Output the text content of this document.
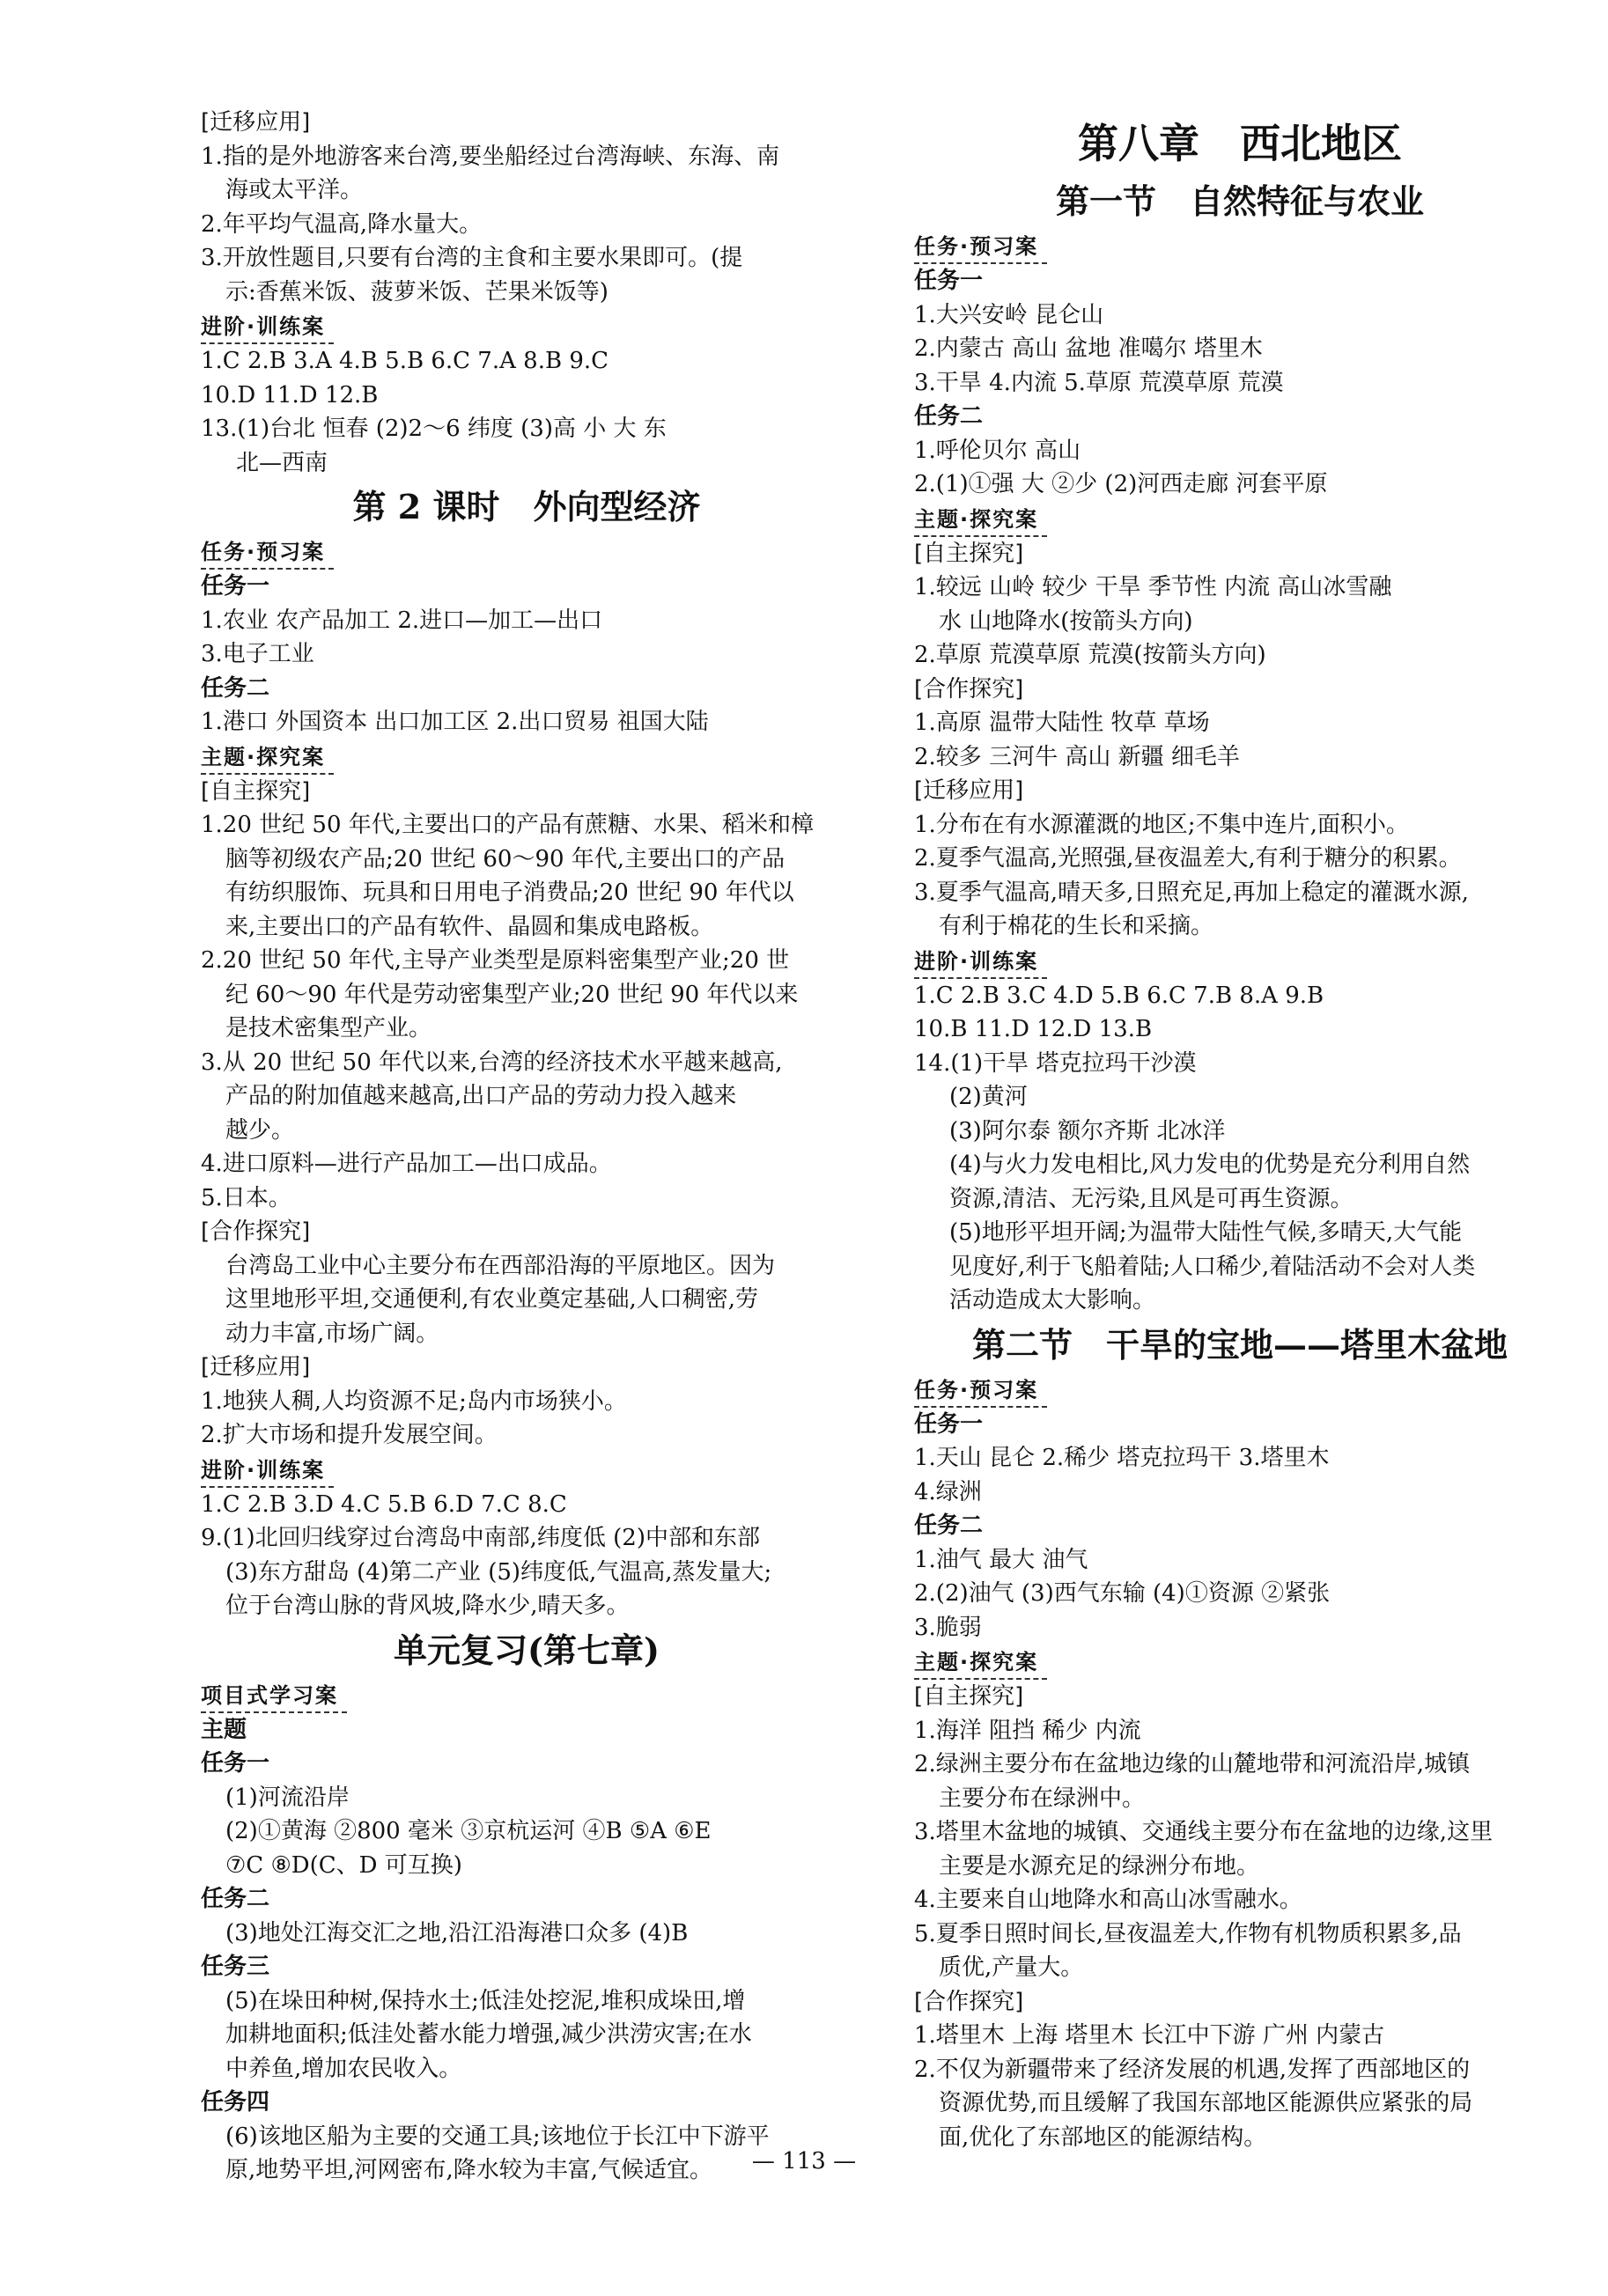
[迁移应用]
1.指的是外地游客来台湾,要坐船经过台湾海峡、东海、南
海或太平洋。
2.年平均气温高,降水量大。
3.开放性题目,只要有台湾的主食和主要水果即可。(提
示:香蕉米饭、菠萝米饭、芒果米饭等)
进阶·训练案
1.C 2.B 3.A 4.B 5.B 6.C 7.A 8.B 9.C
10.D 11.D 12.B
13.(1)台北 恒春 (2)2～6 纬度 (3)高 小 大 东
北—西南
第 2 课时　外向型经济
任务·预习案
任务一
1.农业 农产品加工 2.进口—加工—出口
3.电子工业
任务二
1.港口 外国资本 出口加工区 2.出口贸易 祖国大陆
主题·探究案
[自主探究]
1.20 世纪 50 年代,主要出口的产品有蔗糖、水果、稻米和樟
脑等初级农产品;20 世纪 60～90 年代,主要出口的产品
有纺织服饰、玩具和日用电子消费品;20 世纪 90 年代以
来,主要出口的产品有软件、晶圆和集成电路板。
2.20 世纪 50 年代,主导产业类型是原料密集型产业;20 世
纪 60～90 年代是劳动密集型产业;20 世纪 90 年代以来
是技术密集型产业。
3.从 20 世纪 50 年代以来,台湾的经济技术水平越来越高,
产品的附加值越来越高,出口产品的劳动力投入越来
越少。
4.进口原料—进行产品加工—出口成品。
5.日本。
[合作探究]
台湾岛工业中心主要分布在西部沿海的平原地区。因为
这里地形平坦,交通便利,有农业奠定基础,人口稠密,劳
动力丰富,市场广阔。
[迁移应用]
1.地狭人稠,人均资源不足;岛内市场狭小。
2.扩大市场和提升发展空间。
进阶·训练案
1.C 2.B 3.D 4.C 5.B 6.D 7.C 8.C
9.(1)北回归线穿过台湾岛中南部,纬度低 (2)中部和东部
(3)东方甜岛 (4)第二产业 (5)纬度低,气温高,蒸发量大;
位于台湾山脉的背风坡,降水少,晴天多。
单元复习(第七章)
项目式学习案
主题
任务一
(1)河流沿岸
(2)①黄海 ②800 毫米 ③京杭运河 ④B ⑤A ⑥E
⑦C ⑧D(C、D 可互换)
任务二
(3)地处江海交汇之地,沿江沿海港口众多 (4)B
任务三
(5)在垛田种树,保持水土;低洼处挖泥,堆积成垛田,增
加耕地面积;低洼处蓄水能力增强,减少洪涝灾害;在水
中养鱼,增加农民收入。
任务四
(6)该地区船为主要的交通工具;该地位于长江中下游平
原,地势平坦,河网密布,降水较为丰富,气候适宜。
第八章　西北地区
第一节　自然特征与农业
任务·预习案
任务一
1.大兴安岭 昆仑山
2.内蒙古 高山 盆地 准噶尔 塔里木
3.干旱 4.内流 5.草原 荒漠草原 荒漠
任务二
1.呼伦贝尔 高山
2.(1)①强 大 ②少 (2)河西走廊 河套平原
主题·探究案
[自主探究]
1.较远 山岭 较少 干旱 季节性 内流 高山冰雪融
水 山地降水(按箭头方向)
2.草原 荒漠草原 荒漠(按箭头方向)
[合作探究]
1.高原 温带大陆性 牧草 草场
2.较多 三河牛 高山 新疆 细毛羊
[迁移应用]
1.分布在有水源灌溉的地区;不集中连片,面积小。
2.夏季气温高,光照强,昼夜温差大,有利于糖分的积累。
3.夏季气温高,晴天多,日照充足,再加上稳定的灌溉水源,
有利于棉花的生长和采摘。
进阶·训练案
1.C 2.B 3.C 4.D 5.B 6.C 7.B 8.A 9.B
10.B 11.D 12.D 13.B
14.(1)干旱 塔克拉玛干沙漠
(2)黄河
(3)阿尔泰 额尔齐斯 北冰洋
(4)与火力发电相比,风力发电的优势是充分利用自然
资源,清洁、无污染,且风是可再生资源。
(5)地形平坦开阔;为温带大陆性气候,多晴天,大气能
见度好,利于飞船着陆;人口稀少,着陆活动不会对人类
活动造成太大影响。
第二节　干旱的宝地——塔里木盆地
任务·预习案
任务一
1.天山 昆仑 2.稀少 塔克拉玛干 3.塔里木
4.绿洲
任务二
1.油气 最大 油气
2.(2)油气 (3)西气东输 (4)①资源 ②紧张
3.脆弱
主题·探究案
[自主探究]
1.海洋 阻挡 稀少 内流
2.绿洲主要分布在盆地边缘的山麓地带和河流沿岸,城镇
主要分布在绿洲中。
3.塔里木盆地的城镇、交通线主要分布在盆地的边缘,这里
主要是水源充足的绿洲分布地。
4.主要来自山地降水和高山冰雪融水。
5.夏季日照时间长,昼夜温差大,作物有机物质积累多,品
质优,产量大。
[合作探究]
1.塔里木 上海 塔里木 长江中下游 广州 内蒙古
2.不仅为新疆带来了经济发展的机遇,发挥了西部地区的
资源优势,而且缓解了我国东部地区能源供应紧张的局
面,优化了东部地区的能源结构。
— 113 —
